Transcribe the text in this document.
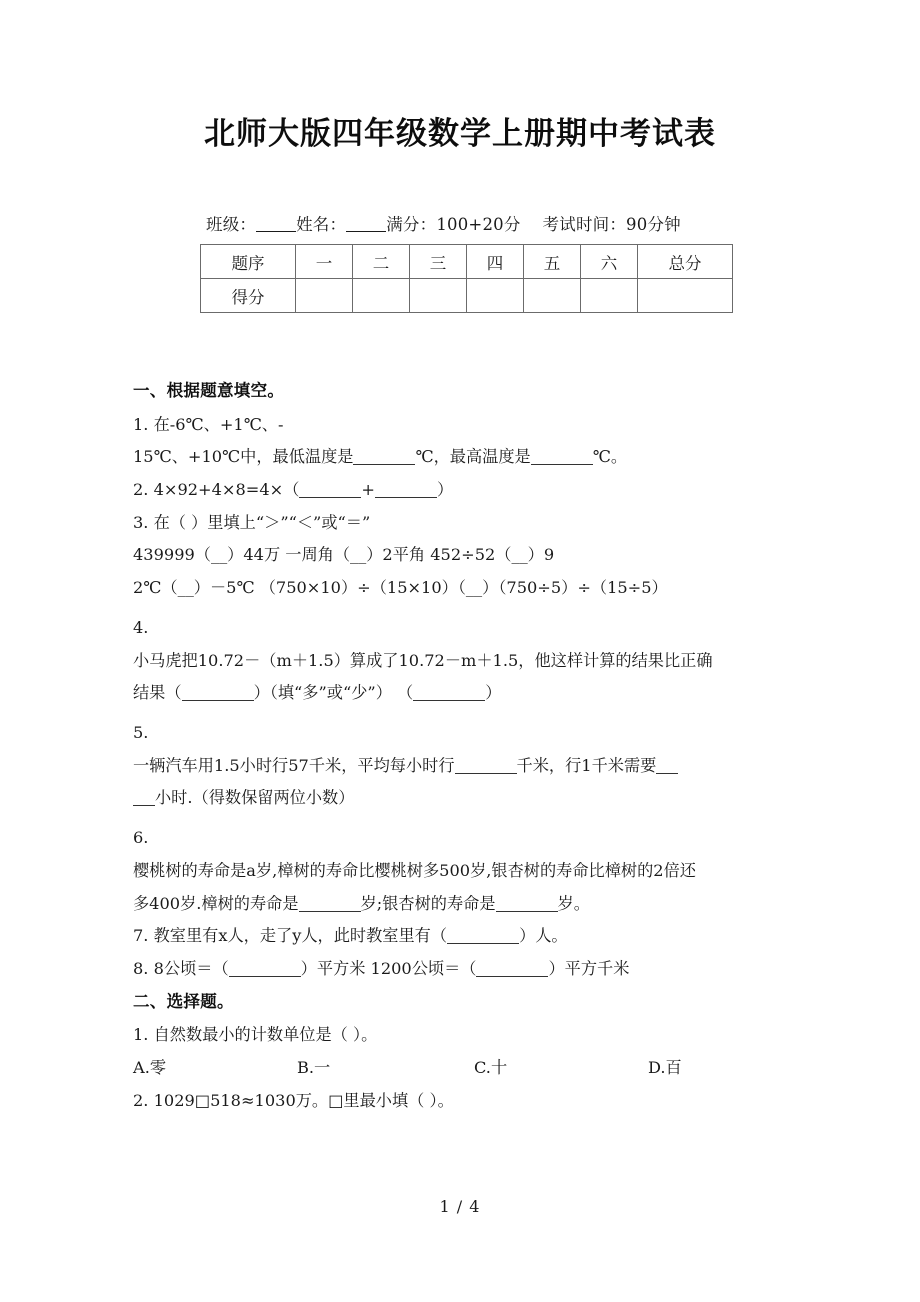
北师大版四年级数学上册期中考试表
班级： 姓名： 满分：100+20分 考试时间：90分钟
题序	一	二	三	四	五	六	总分
得分							
一、根据题意填空。

1. 在-6℃、+1℃、-

15℃、+10℃中，最低温度是	℃，最高温度是	℃。

2. 4×92+4×8=4×（	+	）

3. 在（ ）里填上“＞”“＜”或“＝”

439999（__）44万 一周角（__）2平角 452÷52（__）9

2℃（__）－5℃ （750×10）÷（15×10）（__）（750÷5）÷（15÷5）

4.

小马虎把10.72－（m＋1.5）算成了10.72－m＋1.5，他这样计算的结果比正确

结果（	）（填“多”或“少”） （	）

5.

一辆汽车用1.5小时行57千米，平均每小时行	千米，行1千米需要

小时.（得数保留两位小数）

6.

樱桃树的寿命是a岁,樟树的寿命比樱桃树多500岁,银杏树的寿命比樟树的2倍还

多400岁.樟树的寿命是	岁;银杏树的寿命是	岁。

7. 教室里有x人，走了y人，此时教室里有（	）人。

8. 8公顷＝（	）平方米 1200公顷＝（	）平方千米

二、选择题。

1. 自然数最小的计数单位是（ ）。

A.零	B.一	C.十	D.百

2. 1029□518≈1030万。□里最小填（ ）。

1 / 4
